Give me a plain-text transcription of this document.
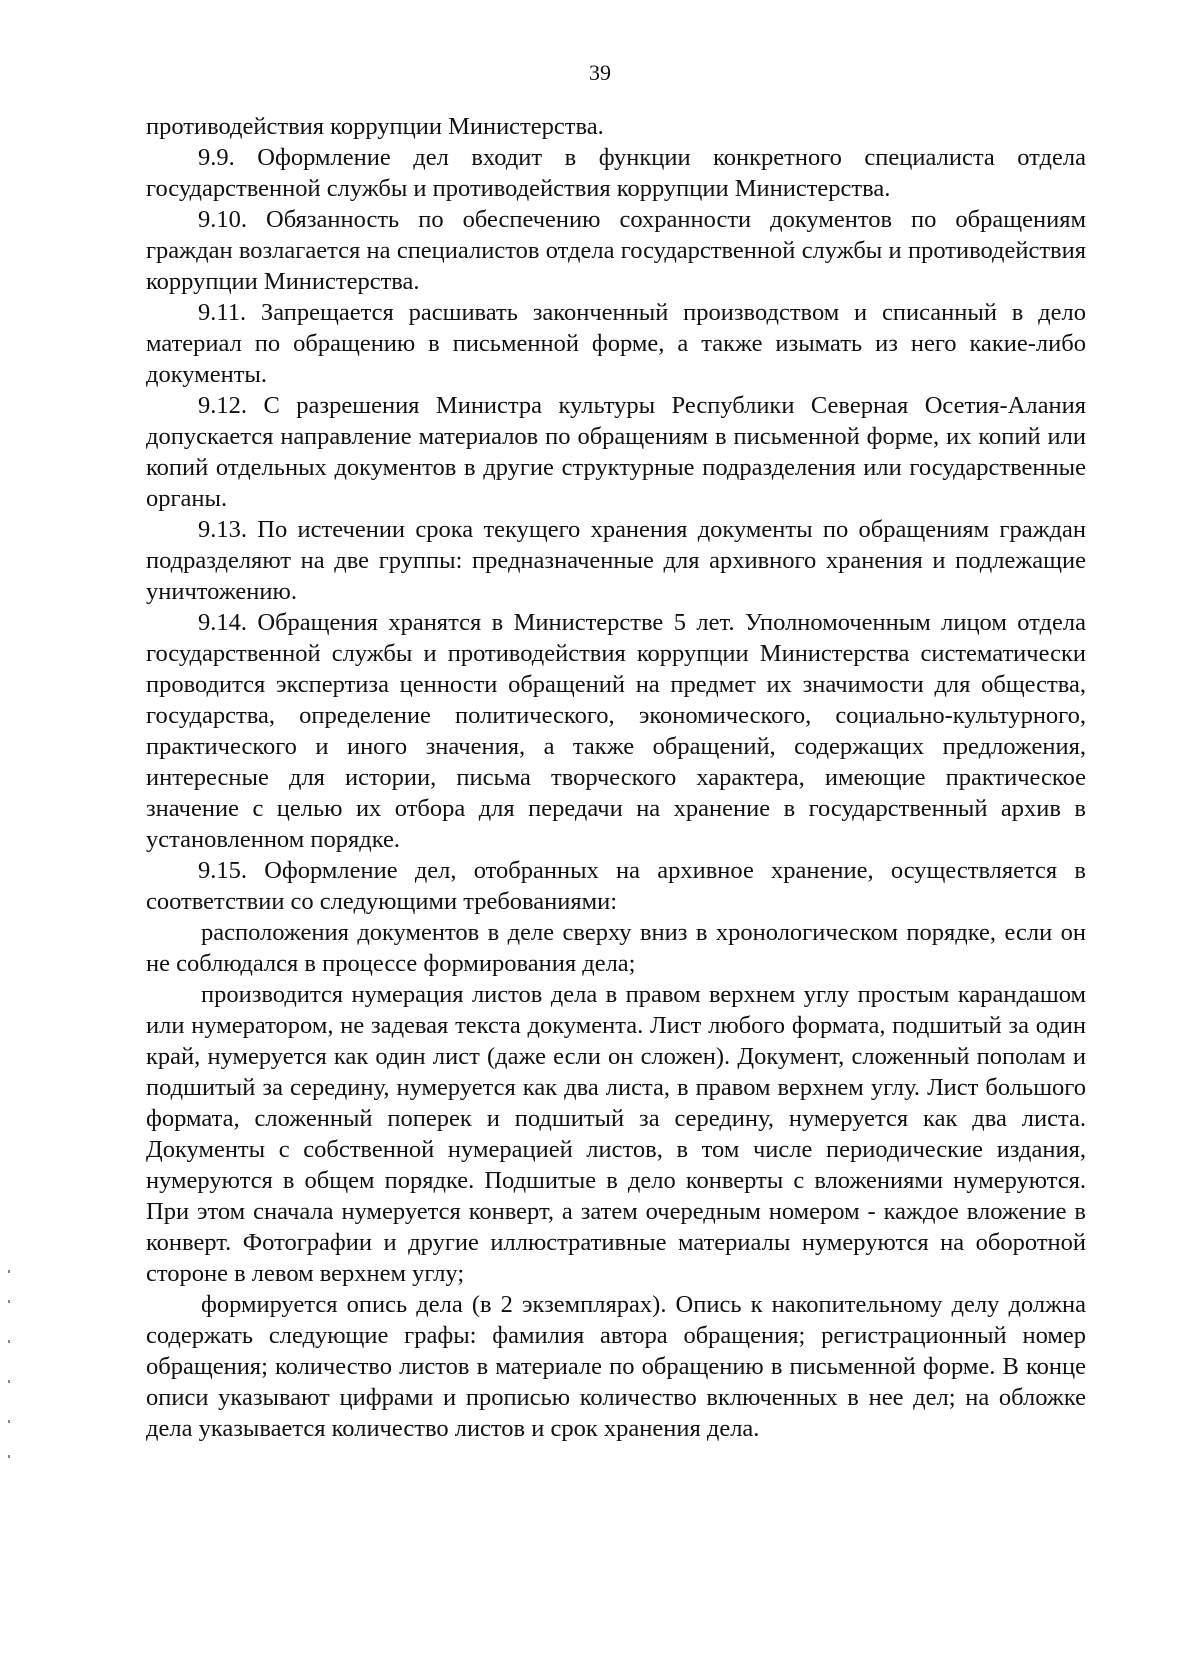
39

противодействия коррупции Министерства.

9.9. Оформление дел входит в функции конкретного специалиста отдела государственной службы и противодействия коррупции Министерства.

9.10. Обязанность по обеспечению сохранности документов по обращениям граждан возлагается на специалистов отдела государственной службы и противодействия коррупции Министерства.

9.11. Запрещается расшивать законченный производством и списанный в дело материал по обращению в письменной форме, а также изымать из него какие-либо документы.

9.12. С разрешения Министра культуры Республики Северная Осетия-Алания допускается направление материалов по обращениям в письменной форме, их копий или копий отдельных документов в другие структурные подразделения или государственные органы.

9.13. По истечении срока текущего хранения документы по обращениям граждан подразделяют на две группы: предназначенные для архивного хранения и подлежащие уничтожению.

9.14. Обращения хранятся в Министерстве 5 лет. Уполномоченным лицом отдела государственной службы и противодействия коррупции Министерства систематически проводится экспертиза ценности обращений на предмет их значимости для общества, государства, определение политического, экономического, социально-культурного, практического и иного значения, а также обращений, содержащих предложения, интересные для истории, письма творческого характера, имеющие практическое значение с целью их отбора для передачи на хранение в государственный архив в установленном порядке.

9.15. Оформление дел, отобранных на архивное хранение, осуществляется в соответствии со следующими требованиями:

расположения документов в деле сверху вниз в хронологическом порядке, если он не соблюдался в процессе формирования дела;

производится нумерация листов дела в правом верхнем углу простым карандашом или нумератором, не задевая текста документа. Лист любого формата, подшитый за один край, нумеруется как один лист (даже если он сложен). Документ, сложенный пополам и подшитый за середину, нумеруется как два листа, в правом верхнем углу. Лист большого формата, сложенный поперек и подшитый за середину, нумеруется как два листа. Документы с собственной нумерацией листов, в том числе периодические издания, нумеруются в общем порядке. Подшитые в дело конверты с вложениями нумеруются. При этом сначала нумеруется конверт, а затем очередным номером - каждое вложение в конверт. Фотографии и другие иллюстративные материалы нумеруются на оборотной стороне в левом верхнем углу;

формируется опись дела (в 2 экземплярах). Опись к накопительному делу должна содержать следующие графы: фамилия автора обращения; регистрационный номер обращения; количество листов в материале по обращению в письменной форме. В конце описи указывают цифрами и прописью количество включенных в нее дел; на обложке дела указывается количество листов и срок хранения дела.
